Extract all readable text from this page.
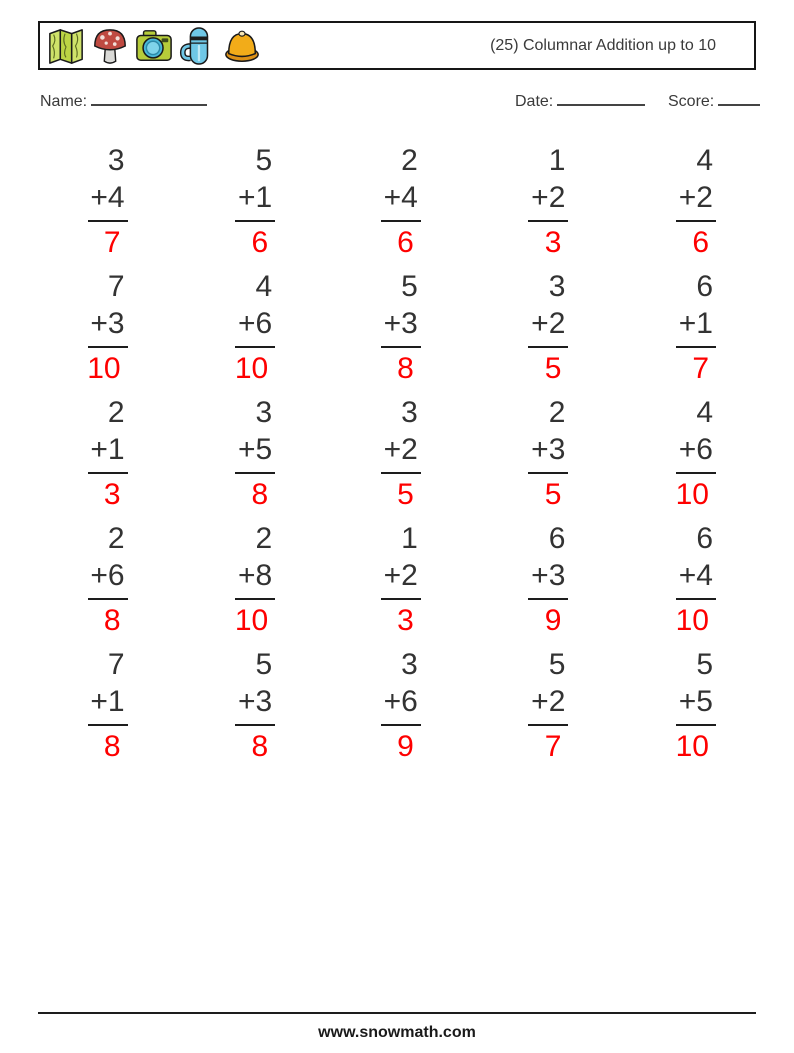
(25) Columnar Addition up to 10
Name:	Date:	Score:
3
+4
7
5
+1
6
2
+4
6
1
+2
3
4
+2
6
7
+3
10
4
+6
10
5
+3
8
3
+2
5
6
+1
7
2
+1
3
3
+5
8
3
+2
5
2
+3
5
4
+6
10
2
+6
8
2
+8
10
1
+2
3
6
+3
9
6
+4
10
7
+1
8
5
+3
8
3
+6
9
5
+2
7
5
+5
10
www.snowmath.com
